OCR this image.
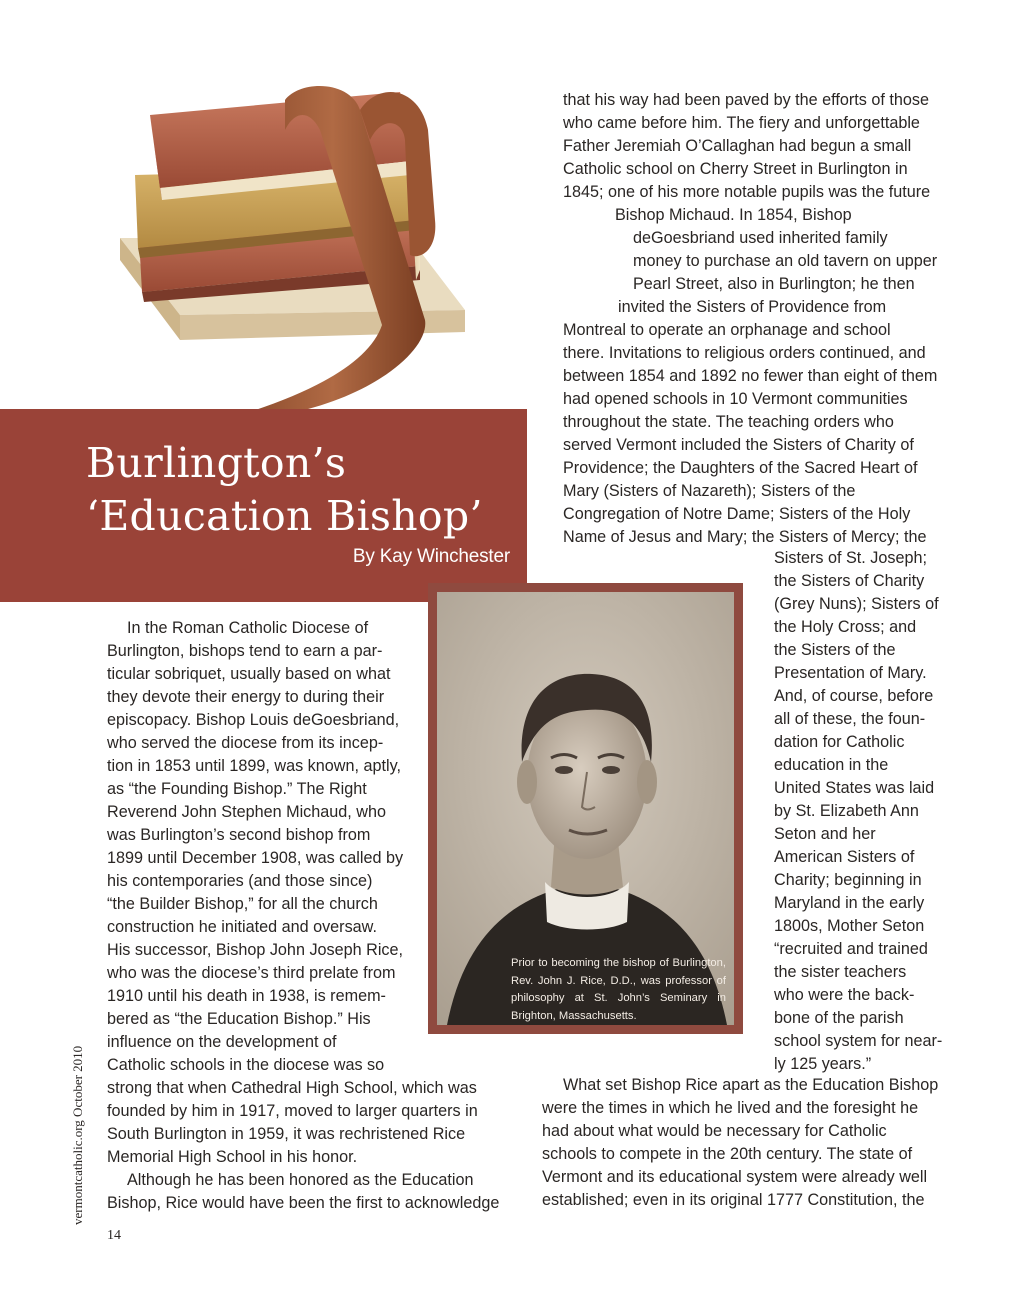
Burlington’s
‘Education Bishop’
By Kay Winchester
Prior to becoming the bishop of Burlington, Rev. John J. Rice, D.D., was professor of philosophy at St. John’s Seminary in Brighton, Massachusetts.
In the Roman Catholic Diocese of
Burlington, bishops tend to earn a par-
ticular sobriquet, usually based on what
they devote their energy to during their
episcopacy. Bishop Louis deGoesbriand,
who served the diocese from its incep-
tion in 1853 until 1899, was known, aptly,
as “the Founding Bishop.” The Right
Reverend John Stephen Michaud, who
was Burlington’s second bishop from
1899 until December 1908, was called by
his contemporaries (and those since)
“the Builder Bishop,” for all the church
construction he initiated and oversaw.
His successor, Bishop John Joseph Rice,
who was the diocese’s third prelate from
1910 until his death in 1938, is remem-
bered as “the Education Bishop.” His
influence on the development of
Catholic schools in the diocese was so
strong that when Cathedral High School, which was
founded by him in 1917, moved to larger quarters in
South Burlington in 1959, it was rechristened Rice
Memorial High School in his honor.
Although he has been honored as the Education
Bishop, Rice would have been the first to acknowledge
that his way had been paved by the efforts of those
who came before him. The fiery and unforgettable
Father Jeremiah O’Callaghan had begun a small
Catholic school on Cherry Street in Burlington in
1845; one of his more notable pupils was the future
Bishop Michaud. In 1854, Bishop
deGoesbriand used inherited family
money to purchase an old tavern on upper
Pearl Street, also in Burlington; he then
invited the Sisters of Providence from
Montreal to operate an orphanage and school
there. Invitations to religious orders continued, and
between 1854 and 1892 no fewer than eight of them
had opened schools in 10 Vermont communities
throughout the state. The teaching orders who
served Vermont included the Sisters of Charity of
Providence; the Daughters of the Sacred Heart of
Mary (Sisters of Nazareth); Sisters of the
Congregation of Notre Dame; Sisters of the Holy
Name of Jesus and Mary; the Sisters of Mercy; the
Sisters of St. Joseph;
the Sisters of Charity
(Grey Nuns); Sisters of
the Holy Cross; and
the Sisters of the
Presentation of Mary.
And, of course, before
all of these, the foun-
dation for Catholic
education in the
United States was laid
by St. Elizabeth Ann
Seton and her
American Sisters of
Charity; beginning in
Maryland in the early
1800s, Mother Seton
“recruited and trained
the sister teachers
who were the back-
bone of the parish
school system for near-
ly 125 years.”
What set Bishop Rice apart as the Education Bishop
were the times in which he lived and the foresight he
had about what would be necessary for Catholic
schools to compete in the 20th century. The state of
Vermont and its educational system were already well
established; even in its original 1777 Constitution, the
vermontcatholic.org October 2010
14
